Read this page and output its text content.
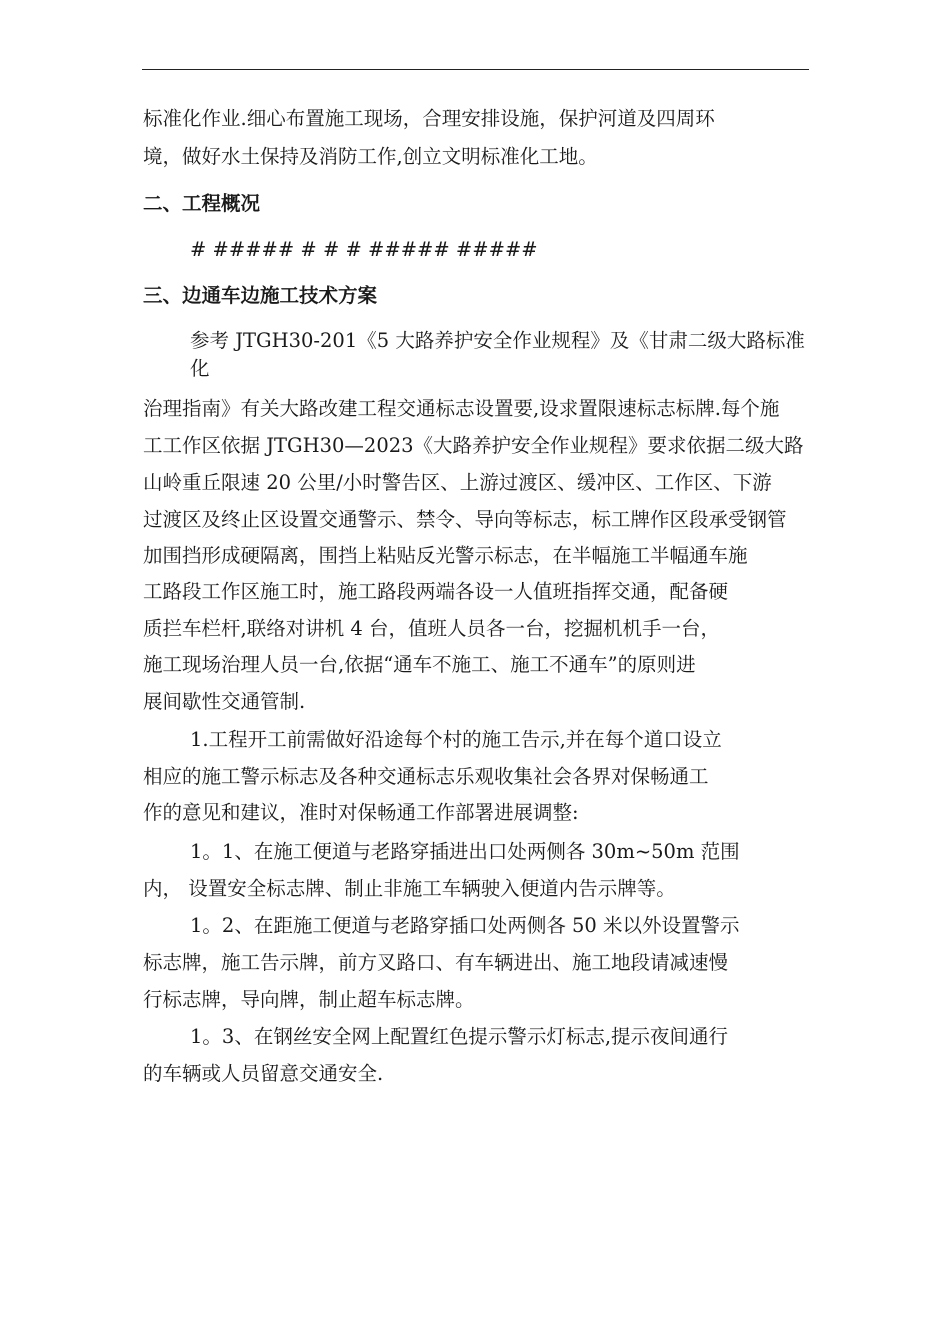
标准化作业.细心布置施工现场，合理安排设施，保护河道及四周环
境，做好水土保持及消防工作,创立文明标准化工地。
二、工程概况
# ##### # # # ##### #####
三、边通车边施工技术方案
参考 JTGH30-201《5 大路养护安全作业规程》及《甘肃二级大路标准
化
治理指南》有关大路改建工程交通标志设置要,设求置限速标志标牌.每个施
工工作区依据 JTGH30—2023《大路养护安全作业规程》要求依据二级大路
山岭重丘限速 20 公里/小时警告区、上游过渡区、缓冲区、工作区、下游
过渡区及终止区设置交通警示、禁令、导向等标志，标工牌作区段承受钢管
加围挡形成硬隔离，围挡上粘贴反光警示标志，在半幅施工半幅通车施
工路段工作区施工时，施工路段两端各设一人值班指挥交通，配备硬
质拦车栏杆,联络对讲机 4 台，值班人员各一台，挖掘机机手一台，
施工现场治理人员一台,依据“通车不施工、施工不通车”的原则进
展间歇性交通管制.
1.工程开工前需做好沿途每个村的施工告示,并在每个道口设立
相应的施工警示标志及各种交通标志乐观收集社会各界对保畅通工
作的意见和建议，准时对保畅通工作部署进展调整:
1。1、在施工便道与老路穿插进出口处两侧各 30m~50m 范围
内， 设置安全标志牌、制止非施工车辆驶入便道内告示牌等。
1。2、在距施工便道与老路穿插口处两侧各 50 米以外设置警示
标志牌，施工告示牌，前方叉路口、有车辆进出、施工地段请减速慢
行标志牌，导向牌，制止超车标志牌。
1。3、在钢丝安全网上配置红色提示警示灯标志,提示夜间通行
的车辆或人员留意交通安全.
